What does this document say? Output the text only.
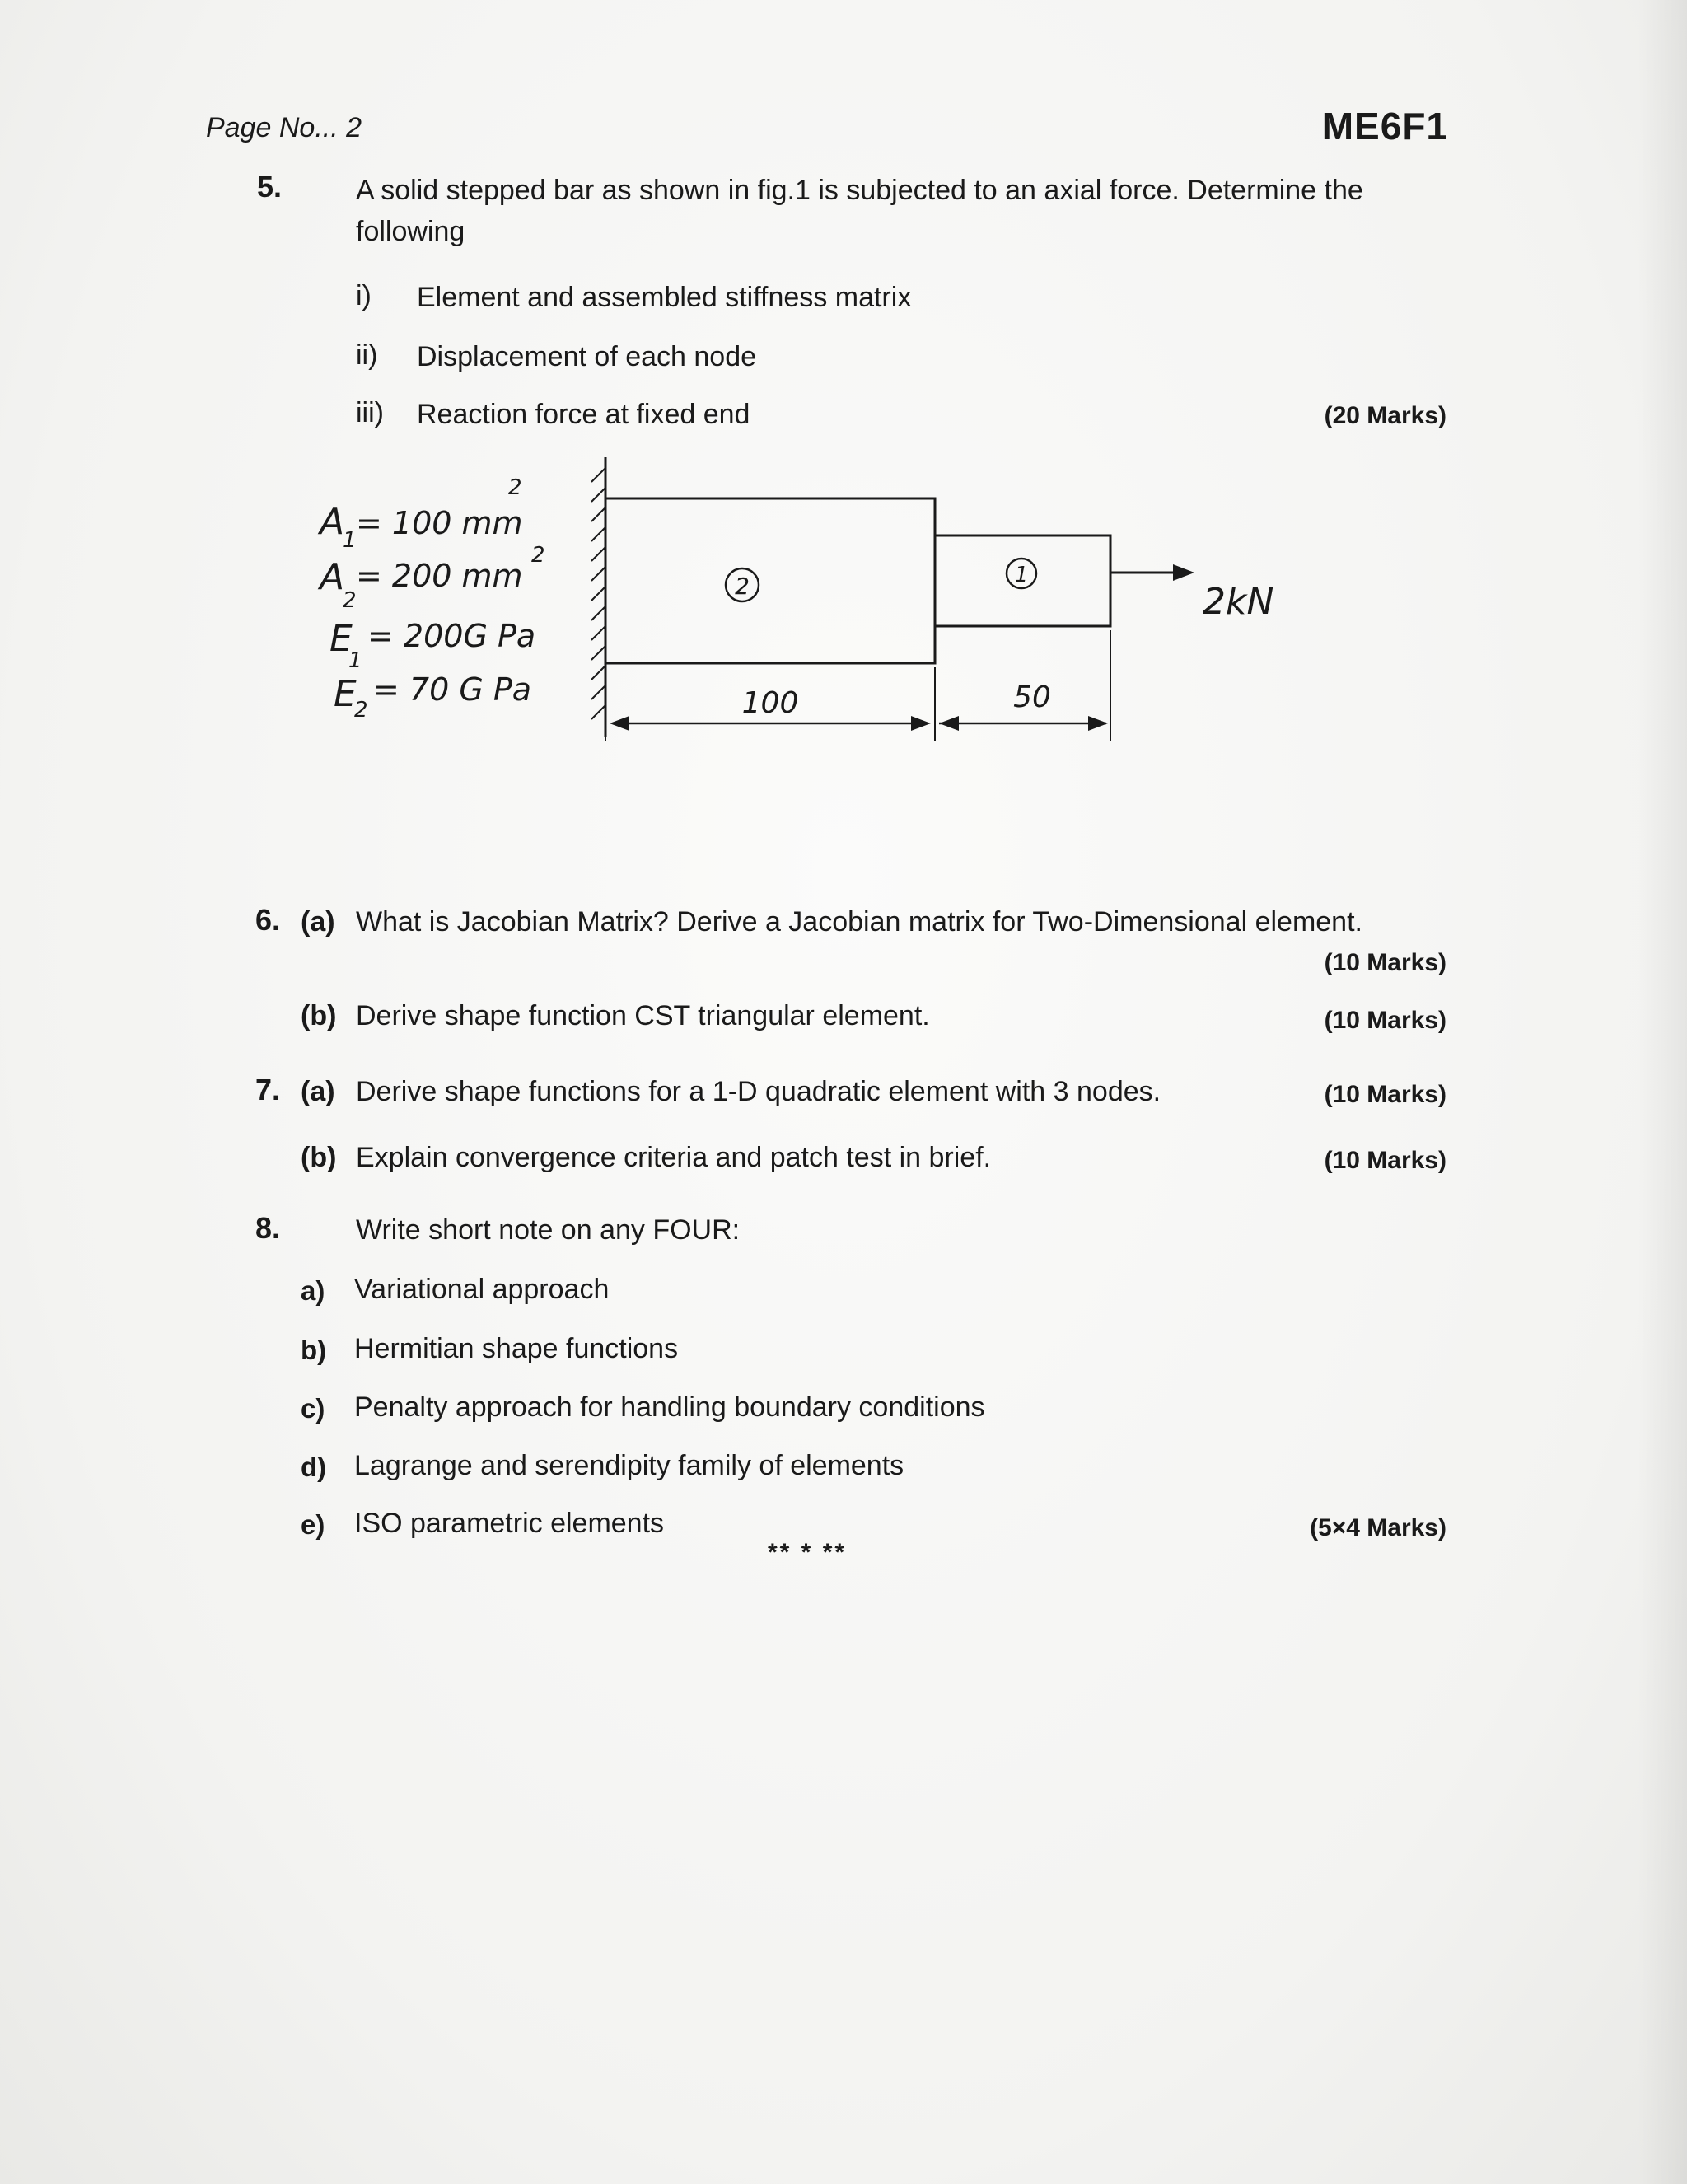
Page No... 2	ME6F1
5.	A solid stepped bar as shown in fig.1 is subjected to an axial force. Determine the
following
i) Element and assembled stiffness matrix
ii) Displacement of each node
iii) Reaction force at fixed end	(20 Marks)
2	1
2kN
100	50
A
1 = 100 mm
2
A
2
= 200 mm
2
E
1
= 200G Pa
E
2
= 70 G Pa
6. (a) What is Jacobian Matrix? Derive a Jacobian matrix for Two-Dimensional element.
(10 Marks)
(b) Derive shape function CST triangular element.	(10 Marks)
7. (a) Derive shape functions for a 1-D quadratic element with 3 nodes.	(10 Marks)
(b) Explain convergence criteria and patch test in brief.	(10 Marks)
8.	Write short note on any FOUR:
a) Variational approach
b) Hermitian shape functions
c) Penalty approach for handling boundary conditions
d) Lagrange and serendipity family of elements
e) ISO parametric elements	(5×4 Marks)
** * **
